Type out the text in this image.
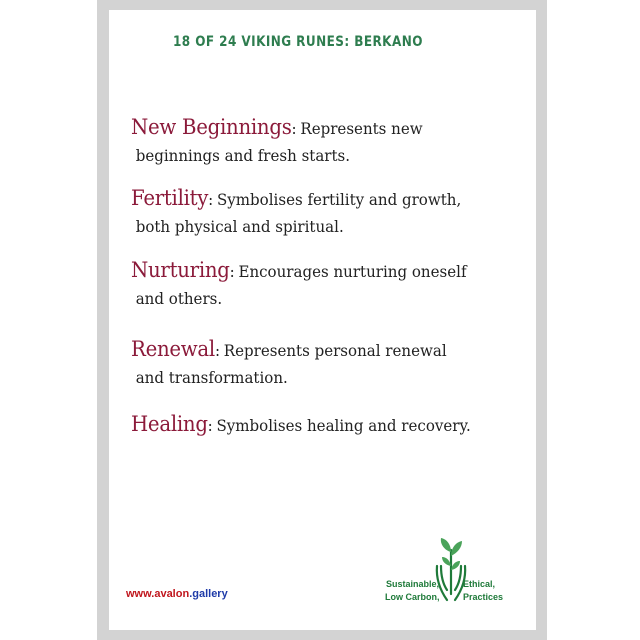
18 OF 24 VIKING RUNES: BERKANO
New Beginnings: Represents new
beginnings and fresh starts.
Fertility: Symbolises fertility and growth,
both physical and spiritual.
Nurturing: Encourages nurturing oneself
and others.
Renewal: Represents personal renewal
and transformation.
Healing: Symbolises healing and recovery.
www.avalon.gallery
Sustainable,
Low Carbon,
Ethical,
Practices
